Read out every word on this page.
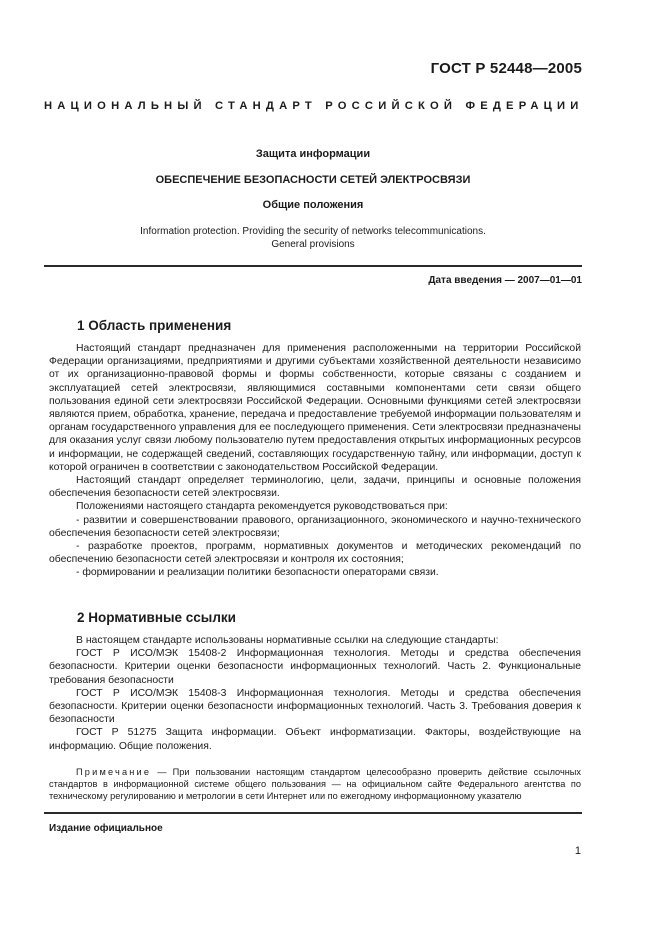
ГОСТ Р 52448—2005
НАЦИОНАЛЬНЫЙ СТАНДАРТ РОССИЙСКОЙ ФЕДЕРАЦИИ
Защита информации
ОБЕСПЕЧЕНИЕ БЕЗОПАСНОСТИ СЕТЕЙ ЭЛЕКТРОСВЯЗИ
Общие положения
Information protection. Providing the security of networks telecommunications.
General provisions
Дата введения — 2007—01—01
1 Область применения

Настоящий стандарт предназначен для применения расположенными на территории Российской Федерации организациями, предприятиями и другими субъектами хозяйственной деятельности независимо от их организационно-правовой формы и формы собственности, которые связаны с созданием и эксплуатацией сетей электросвязи, являющимися составными компонентами сети связи общего пользования единой сети электросвязи Российской Федерации. Основными функциями сетей электросвязи являются прием, обработка, хранение, передача и предоставление требуемой информации пользователям и органам государственного управления для ее последующего применения. Сети электросвязи предназначены для оказания услуг связи любому пользователю путем предоставления открытых информационных ресурсов и информации, не содержащей сведений, составляющих государственную тайну, или информации, доступ к которой ограничен в соответствии с законодательством Российской Федерации.

Настоящий стандарт определяет терминологию, цели, задачи, принципы и основные положения обеспечения безопасности сетей электросвязи.

Положениями настоящего стандарта рекомендуется руководствоваться при:

- развитии и совершенствовании правового, организационного, экономического и научно-технического обеспечения безопасности сетей электросвязи;

- разработке проектов, программ, нормативных документов и методических рекомендаций по обеспечению безопасности сетей электросвязи и контроля их состояния;

- формировании и реализации политики безопасности операторами связи.

2 Нормативные ссылки

В настоящем стандарте использованы нормативные ссылки на следующие стандарты:

ГОСТ Р ИСО/МЭК 15408-2 Информационная технология. Методы и средства обеспечения безопасности. Критерии оценки безопасности информационных технологий. Часть 2. Функциональные требования безопасности

ГОСТ Р ИСО/МЭК 15408-3 Информационная технология. Методы и средства обеспечения безопасности. Критерии оценки безопасности информационных технологий. Часть 3. Требования доверия к безопасности

ГОСТ Р 51275 Защита информации. Объект информатизации. Факторы, воздействующие на информацию. Общие положения.

Примечание — При пользовании настоящим стандартом целесообразно проверить действие ссылочных стандартов в информационной системе общего пользования — на официальном сайте Федерального агентства по техническому регулированию и метрологии в сети Интернет или по ежегодному информационному указателю

Издание официальное
1
